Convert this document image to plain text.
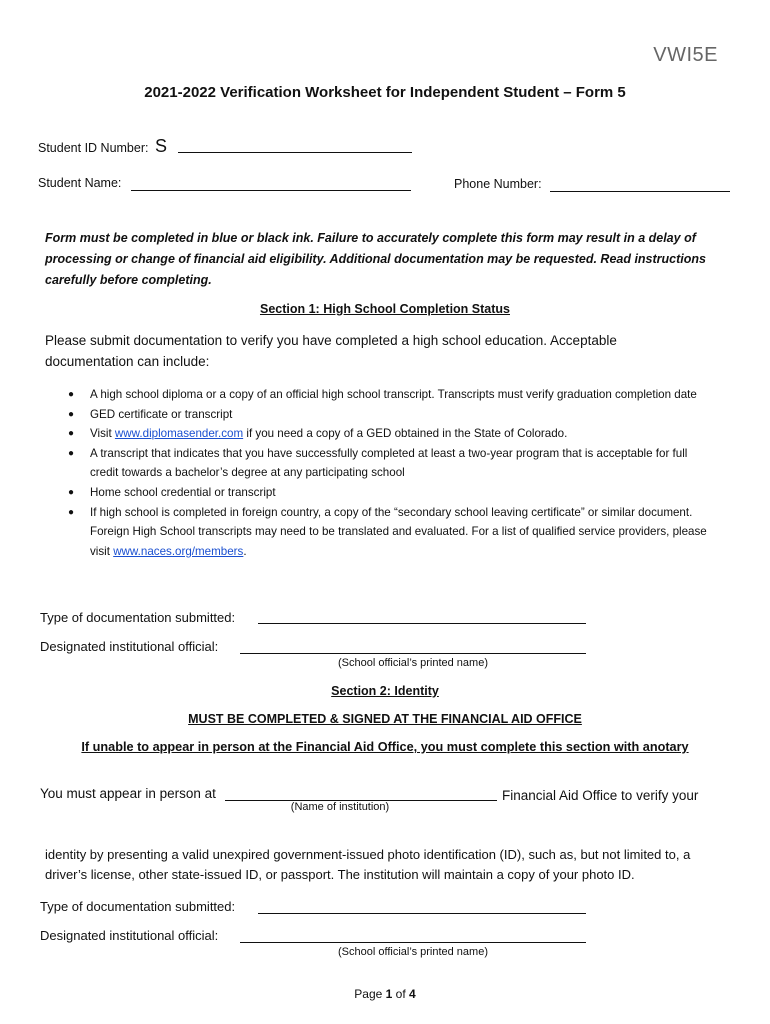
VWI5E
2021-2022 Verification Worksheet for Independent Student – Form 5
Student ID Number: S
Student Name:	Phone Number:
Form must be completed in blue or black ink. Failure to accurately complete this form may result in a delay of processing or change of financial aid eligibility. Additional documentation may be requested. Read instructions carefully before completing.
Section 1: High School Completion Status
Please submit documentation to verify you have completed a high school education. Acceptable documentation can include:
● A high school diploma or a copy of an official high school transcript. Transcripts must verify graduation completion date
● GED certificate or transcript
● Visit www.diplomasender.com if you need a copy of a GED obtained in the State of Colorado.
● A transcript that indicates that you have successfully completed at least a two-year program that is acceptable for full credit towards a bachelor’s degree at any participating school
● Home school credential or transcript
● If high school is completed in foreign country, a copy of the “secondary school leaving certificate” or similar document. Foreign High School transcripts may need to be translated and evaluated. For a list of qualified service providers, please visit www.naces.org/members.
Type of documentation submitted:
Designated institutional official:
(School official’s printed name)
Section 2: Identity
MUST BE COMPLETED & SIGNED AT THE FINANCIAL AID OFFICE
If unable to appear in person at the Financial Aid Office, you must complete this section with anotary
You must appear in person at	Financial Aid Office to verify your
(Name of institution)
identity by presenting a valid unexpired government-issued photo identification (ID), such as, but not limited to, a driver’s license, other state-issued ID, or passport. The institution will maintain a copy of your photo ID.
Type of documentation submitted:
Designated institutional official:
(School official’s printed name)
Page 1 of 4
